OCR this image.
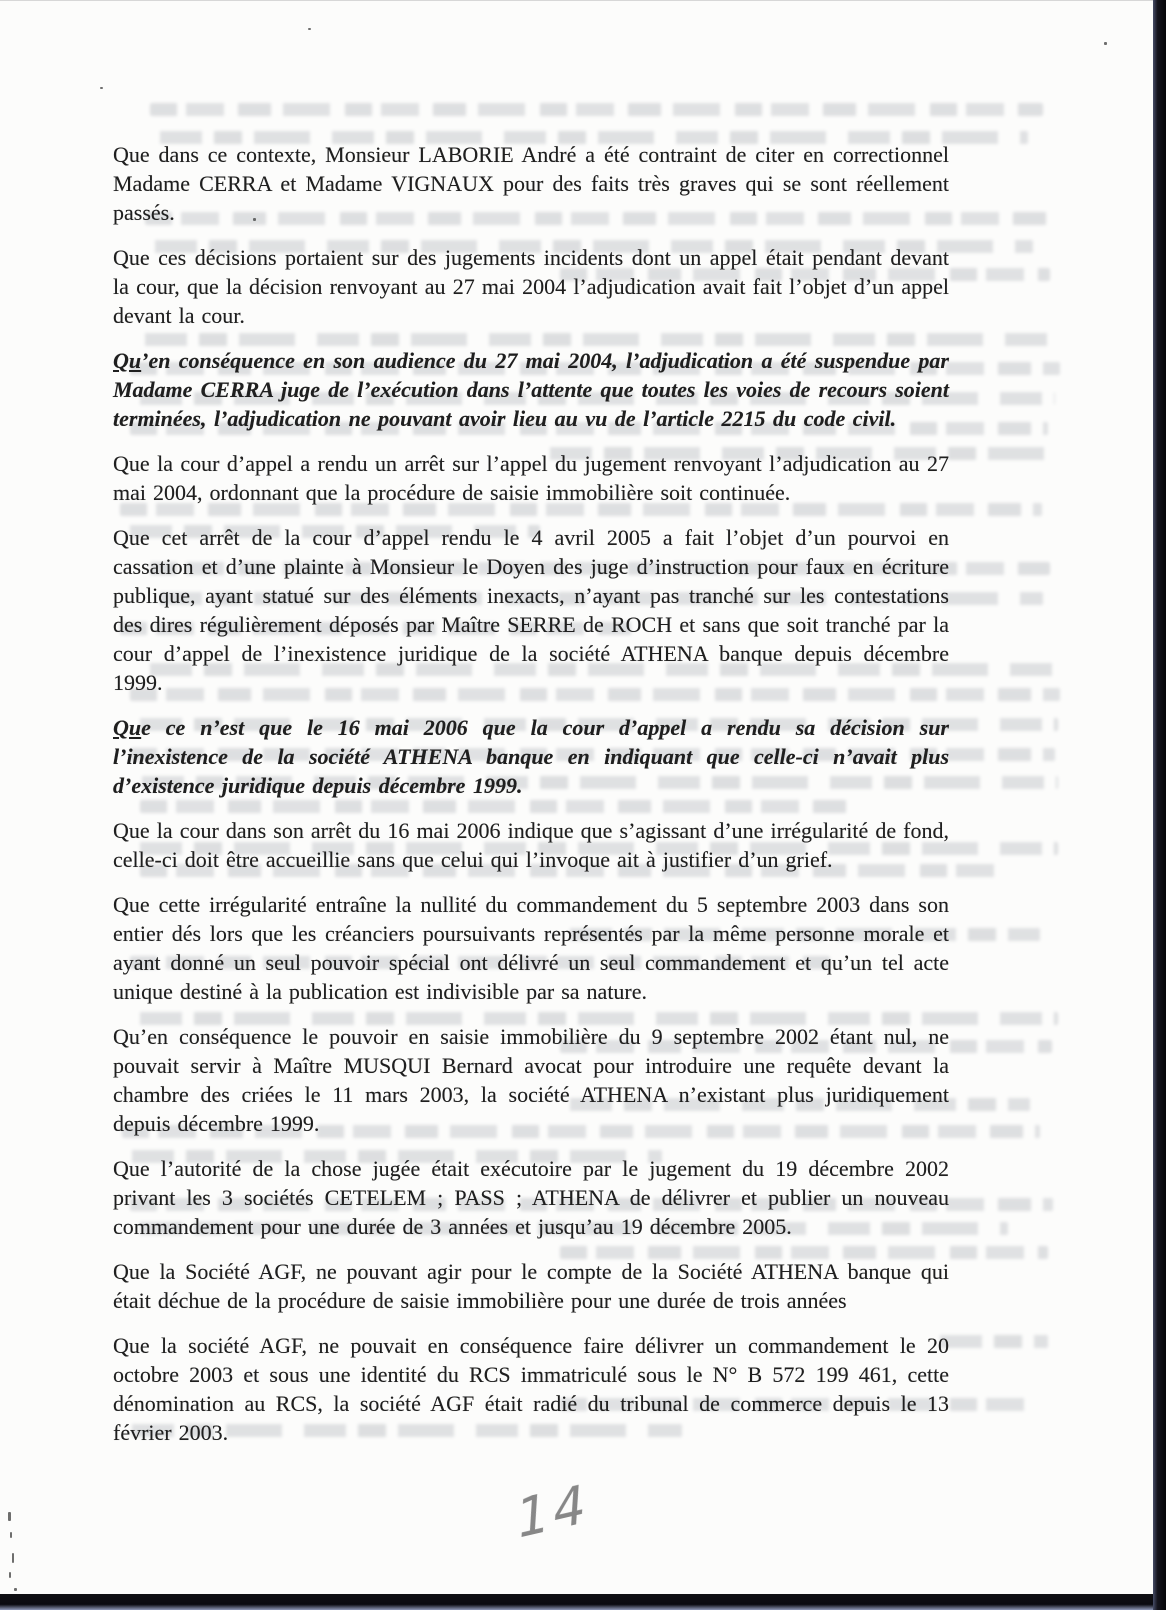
Que dans ce contexte, Monsieur LABORIE André a été contraint de citer en correctionnel Madame CERRA et Madame VIGNAUX pour des faits très graves qui se sont réellement passés.

Que ces décisions portaient sur des jugements incidents dont un appel était pendant devant la cour, que la décision renvoyant au 27 mai 2004 l’adjudication avait fait l’objet d’un appel devant la cour.

Qu’en conséquence en son audience du 27 mai 2004, l’adjudication a été suspendue par Madame CERRA juge de l’exécution dans l’attente que toutes les voies de recours soient terminées, l’adjudication ne pouvant avoir lieu au vu de l’article 2215 du code civil.

Que la cour d’appel a rendu un arrêt sur l’appel du jugement renvoyant l’adjudication au 27 mai 2004, ordonnant que la procédure de saisie immobilière soit continuée.

Que cet arrêt de la cour d’appel rendu le 4 avril 2005 a fait l’objet d’un pourvoi en cassation et d’une plainte à Monsieur le Doyen des juge d’instruction pour faux en écriture publique, ayant statué sur des éléments inexacts, n’ayant pas tranché sur les contestations des dires régulièrement déposés par Maître SERRE de ROCH et sans que soit tranché par la cour d’appel de l’inexistence juridique de la société ATHENA banque depuis décembre 1999.

Que ce n’est que le 16 mai 2006 que la cour d’appel a rendu sa décision sur l’inexistence de la société ATHENA banque en indiquant que celle-ci n’avait plus d’existence juridique depuis décembre 1999.

Que la cour dans son arrêt du 16 mai 2006 indique que s’agissant d’une irrégularité de fond, celle-ci doit être accueillie sans que celui qui l’invoque ait à justifier d’un grief.

Que cette irrégularité entraîne la nullité du commandement du 5 septembre 2003 dans son entier dés lors que les créanciers poursuivants représentés par la même personne morale et ayant donné un seul pouvoir spécial ont délivré un seul commandement et qu’un tel acte unique destiné à la publication est indivisible par sa nature.

Qu’en conséquence le pouvoir en saisie immobilière du 9 septembre 2002 étant nul, ne pouvait servir à Maître MUSQUI Bernard avocat pour introduire une requête devant la chambre des criées le 11 mars 2003, la société ATHENA n’existant plus juridiquement depuis décembre 1999.

Que l’autorité de la chose jugée était exécutoire par le jugement du 19 décembre 2002 privant les 3 sociétés CETELEM ; PASS ; ATHENA de délivrer et publier un nouveau commandement pour une durée de 3 années et jusqu’au 19 décembre 2005.

Que la Société AGF, ne pouvant agir pour le compte de la Société ATHENA banque qui était déchue de la procédure de saisie immobilière pour une durée de trois années

Que la société AGF, ne pouvait en conséquence faire délivrer un commandement le 20 octobre 2003 et sous une identité du RCS immatriculé sous le N° B 572 199 461, cette dénomination au RCS, la société AGF était radié du tribunal de commerce depuis le 13 février 2003.

14
